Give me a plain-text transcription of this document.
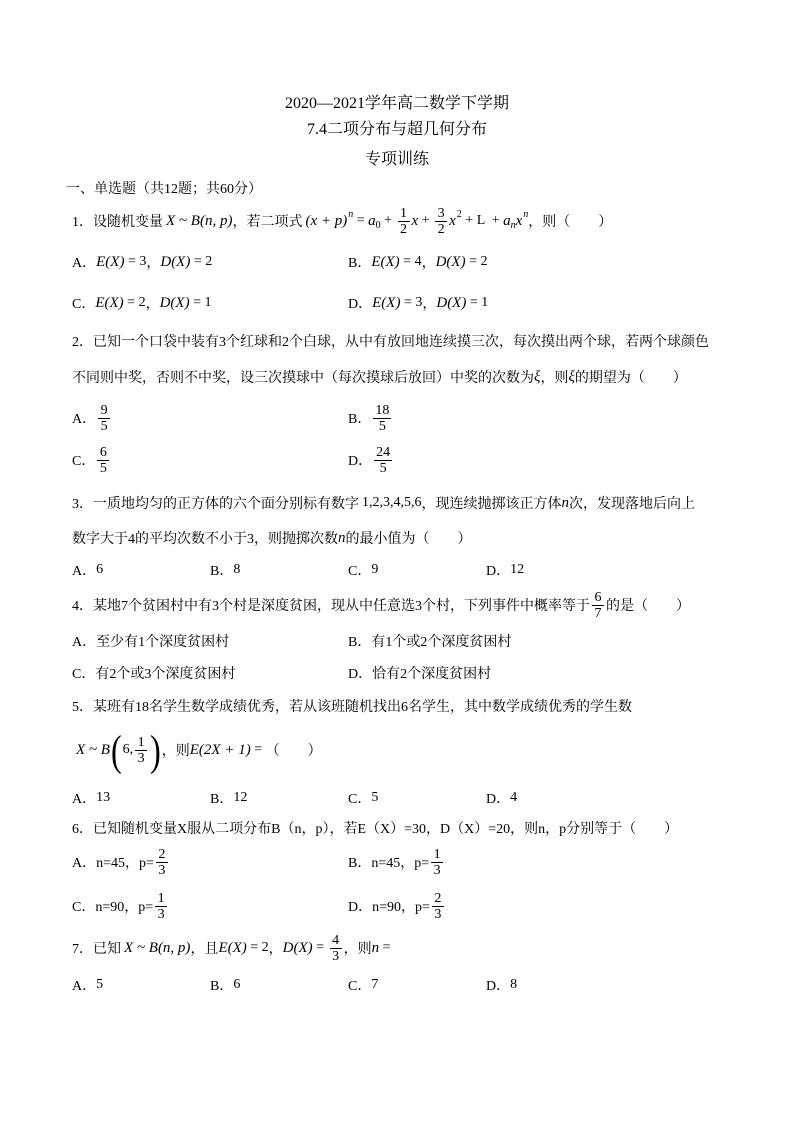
2020—2021学年高二数学下学期
7.4二项分布与超几何分布
专项训练
一、单选题（共12题；共60分）
1．设随机变量 X ~ B (n, p) ，若二项式 (x + p) n = a $0 + \frac{1}{2}$ $x + \frac{3}{2}$ x 2 + L  + a n x n
，则（　　）
A． E(X) = 3 ， D(X) = 2	B． E(X) = 4 ， D(X) = 2
C． E(X) = 2 ， D(X) = 1	D． E(X) = 3 ， D(X) = 1
2．已知一个口袋中装有3个红球和2个白球，从中有放回地连续摸三次，每次摸出两个球，若两个球颜色
不同则中奖，否则不中奖，设三次摸球中（每次摸球后放回）中奖的次数为 ξ ，则 ξ 的期望为（　　）
A． $\frac{9}{5}$	B． $\frac{18}{5}$
C． $\frac{6}{5}$	D． $\frac{24}{5}$
3．一质地均匀的正方体的六个面分别标有数字 1,2,3,4,5,6 ，现连续抛掷该正方体 n 次，发现落地后向上
数字大于4的平均次数不小于3，则抛掷次数 n 的最小值为（　　）
A． 6	B． 8	C． 9	D． 12
4．某地7个贫困村中有3个村是深度贫困，现从中任意选3个村，下列事件中概率等于 $\frac{6}{7}$ 的是（　　）
A． 至少有1个深度贫困村	B． 有1个或2个深度贫困村
C． 有2个或3个深度贫困村	D． 恰有2个深度贫困村
5．某班有18名学生数学成绩优秀，若从该班随机找出6名学生，其中数学成绩优秀的学生数
X ~ B ( 6, $\frac{1}{3}$ ) ，则 E(2X + 1) = （　　）
A． 13	B． 12	C． 5	D． 4
6．已知随机变量X服从二项分布B（n，p），若E（X）=30，D（X）=20，则n，p分别等于（　　）
A． n=45，$p= \frac{2}{3}$	B． n=45，$p= \frac{1}{3}$
C． n=90，$p= \frac{1}{3}$	D． n=90，$p= \frac{2}{3}$
7．已知 X ~ B(n, p) ，且 E(X) = 2 ， $D(X) = \frac{4}{3}$ ，则 n =
A． 5	B． 6	C． 7	D． 8
